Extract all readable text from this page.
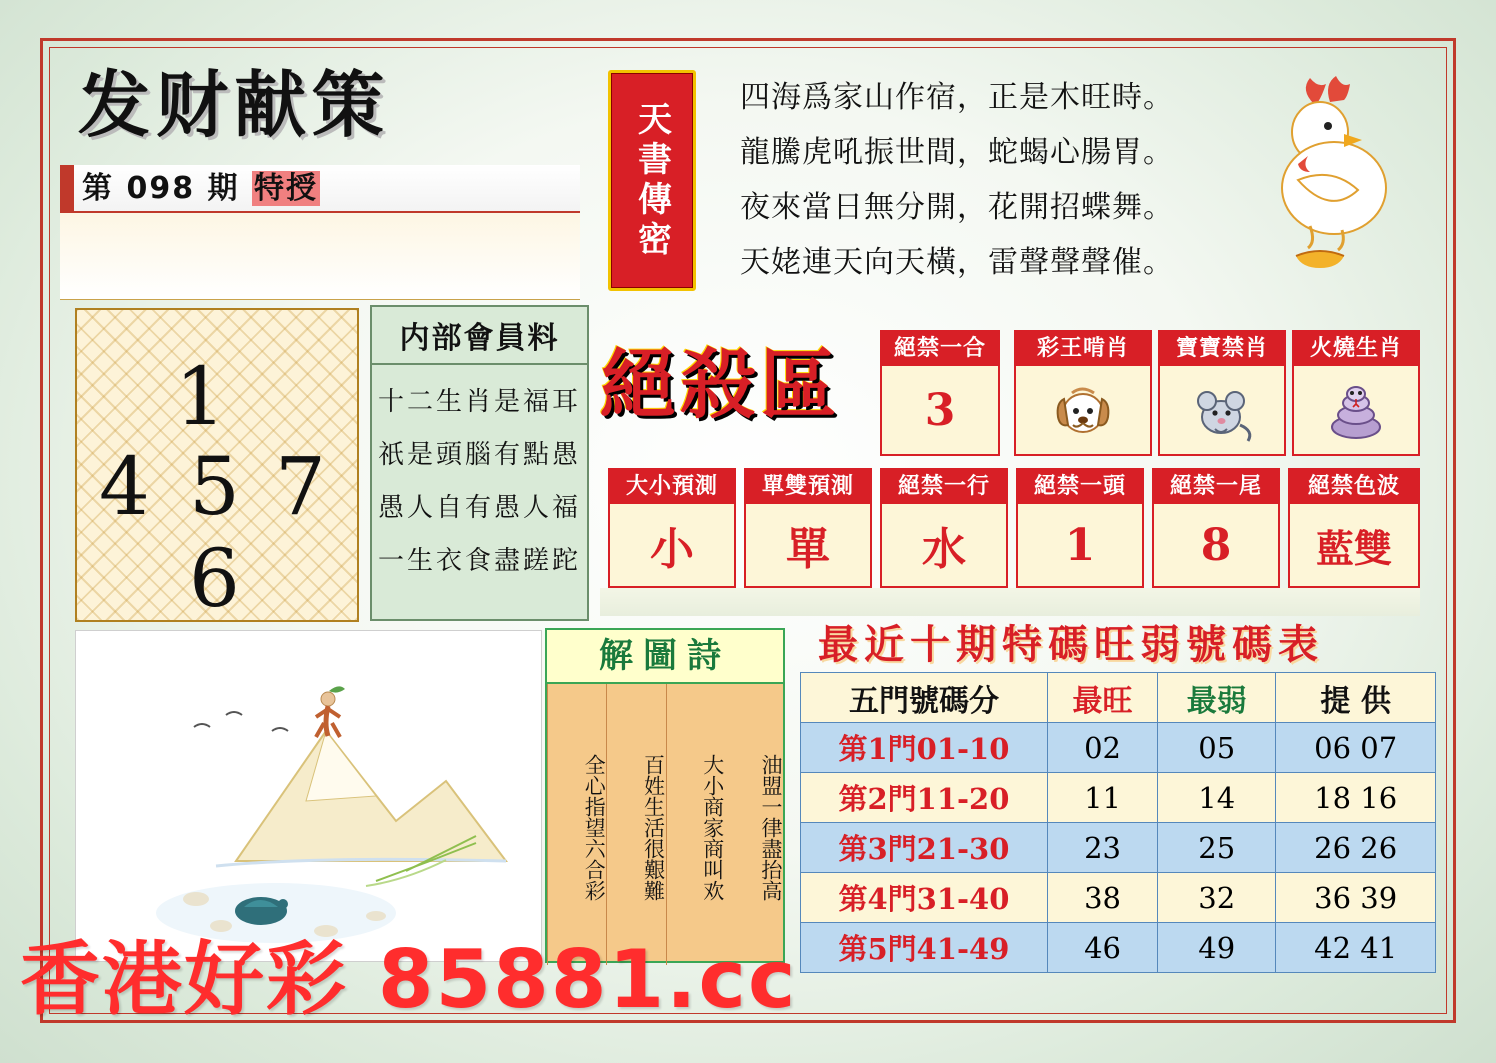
发财献策
第 098 期 特授	天書傳密
四海爲家山作宿，正是木旺時。
龍騰虎吼振世間，蛇蝎心腸胃。
夜來當日無分開，花開招蝶舞。
天姥連天向天橫，雷聲聲聲催。
1
4 5 7
6
内部會員料
十二生肖是福耳
祇是頭腦有點愚
愚人自有愚人福
一生衣食盡蹉跎
絕殺區	絕禁一合
3
彩王啃肖	寶寶禁肖	火燒生肖
大小預測
小
單雙預測
單
絕禁一行
水
絕禁一頭
1
絕禁一尾
8
絕禁色波
藍雙
解圖詩
油盟一律盡抬高
大小商家商叫欢
百姓生活很艱難
全心指望六合彩
最近十期特碼旺弱號碼表
五門號碼分	最旺	最弱	提 供
第1門01-10	02	05	06 07
第2門11-20	11	14	18 16
第3門21-30	23	25	26 26
第4門31-40	38	32	36 39
第5門41-49	46	49	42 41
香港好彩 85881.cc
